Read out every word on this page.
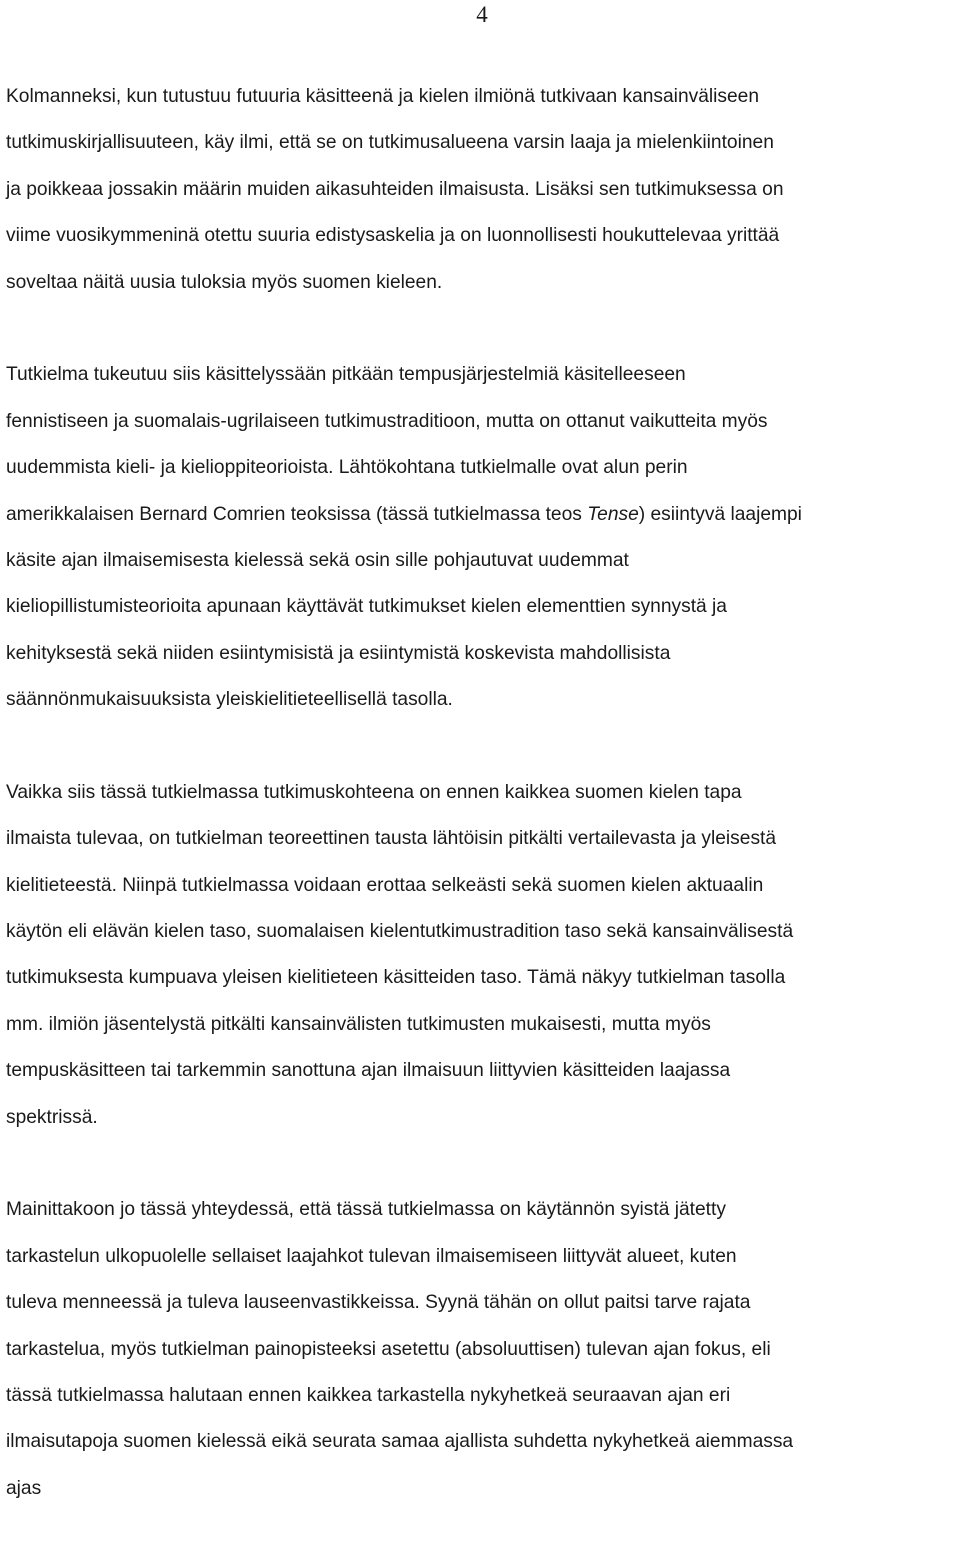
4

Kolmanneksi, kun tutustuu futuuria käsitteenä ja kielen ilmiönä tutkivaan kansainväliseen
tutkimuskirjallisuuteen, käy ilmi, että se on tutkimusalueena varsin laaja ja mielenkiintoinen
ja poikkeaa jossakin määrin muiden aikasuhteiden ilmaisusta. Lisäksi sen tutkimuksessa on
viime vuosikymmeninä otettu suuria edistysaskelia ja on luonnollisesti houkuttelevaa yrittää
soveltaa näitä uusia tuloksia myös suomen kieleen.

Tutkielma tukeutuu siis käsittelyssään pitkään tempusjärjestelmiä käsitelleeseen
fennistiseen ja suomalais-ugrilaiseen tutkimustraditioon, mutta on ottanut vaikutteita myös
uudemmista kieli- ja kielioppiteorioista. Lähtökohtana tutkielmalle ovat alun perin
amerikkalaisen Bernard Comrien teoksissa (tässä tutkielmassa teos Tense) esiintyvä laajempi
käsite ajan ilmaisemisesta kielessä sekä osin sille pohjautuvat uudemmat
kieliopillistumisteorioita apunaan käyttävät tutkimukset kielen elementtien synnystä ja
kehityksestä sekä niiden esiintymisistä ja esiintymistä koskevista mahdollisista
säännönmukaisuuksista yleiskielitieteellisellä tasolla.

Vaikka siis tässä tutkielmassa tutkimuskohteena on ennen kaikkea suomen kielen tapa
ilmaista tulevaa, on tutkielman teoreettinen tausta lähtöisin pitkälti vertailevasta ja yleisestä
kielitieteestä. Niinpä tutkielmassa voidaan erottaa selkeästi sekä suomen kielen aktuaalin
käytön eli elävän kielen taso, suomalaisen kielentutkimustradition taso sekä kansainvälisestä
tutkimuksesta kumpuava yleisen kielitieteen käsitteiden taso. Tämä näkyy tutkielman tasolla
mm. ilmiön jäsentelystä pitkälti kansainvälisten tutkimusten mukaisesti, mutta myös
tempuskäsitteen tai tarkemmin sanottuna ajan ilmaisuun liittyvien käsitteiden laajassa
spektrissä.

Mainittakoon jo tässä yhteydessä, että tässä tutkielmassa on käytännön syistä jätetty
tarkastelun ulkopuolelle sellaiset laajahkot tulevan ilmaisemiseen liittyvät alueet, kuten
tuleva menneessä ja tuleva lauseenvastikkeissa. Syynä tähän on ollut paitsi tarve rajata
tarkastelua, myös tutkielman painopisteeksi asetettu (absoluuttisen) tulevan ajan fokus, eli
tässä tutkielmassa halutaan ennen kaikkea tarkastella nykyhetkeä seuraavan ajan eri
ilmaisutapoja suomen kielessä eikä seurata samaa ajallista suhdetta nykyhetkeä aiemmassa
ajas
